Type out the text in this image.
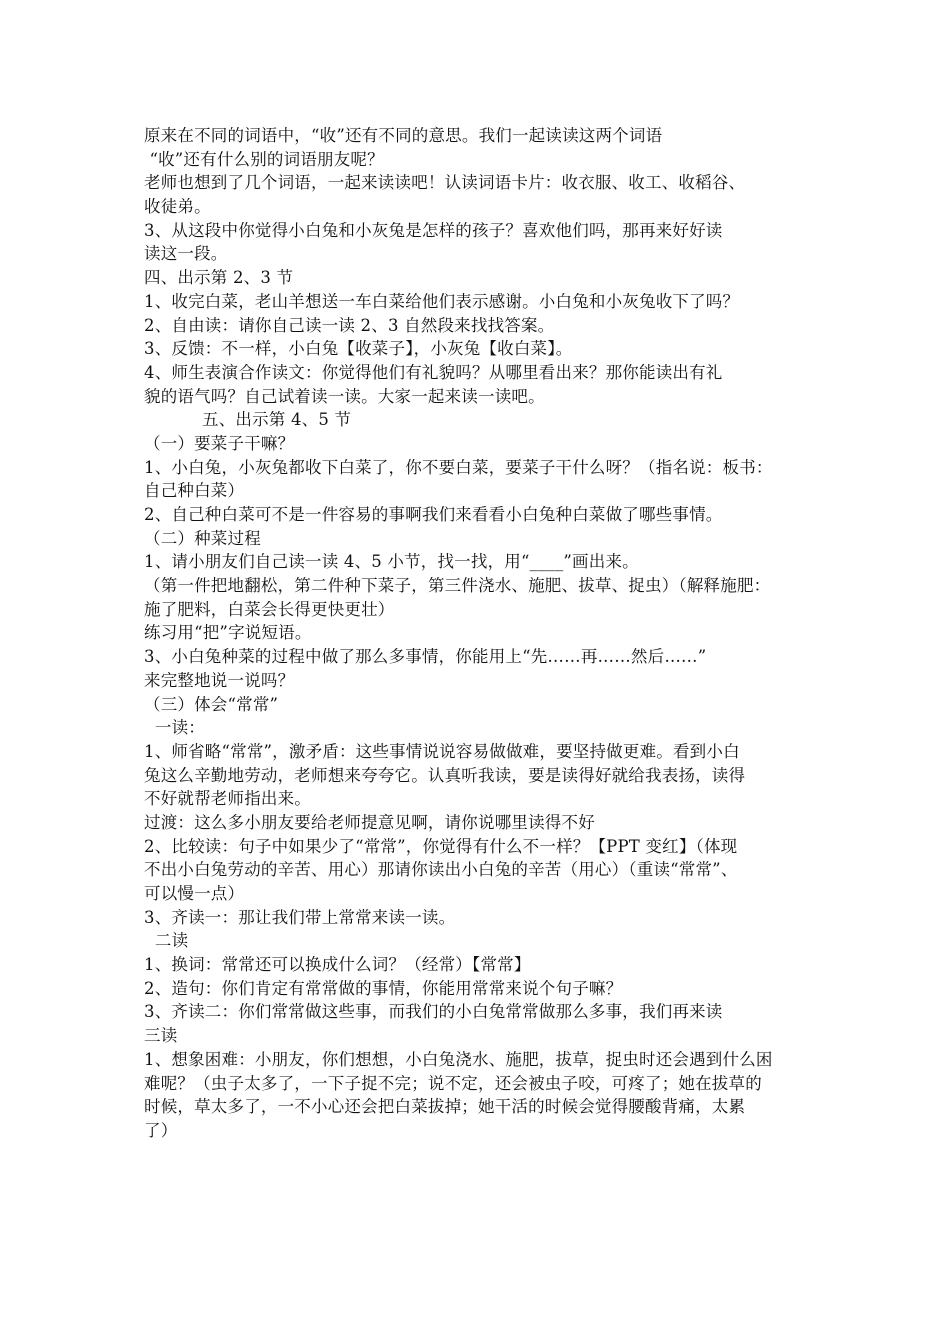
原来在不同的词语中，“收”还有不同的意思。我们一起读读这两个词语
“收”还有什么别的词语朋友呢？
老师也想到了几个词语，一起来读读吧！认读词语卡片：收衣服、收工、收稻谷、
收徒弟。
3、从这段中你觉得小白兔和小灰兔是怎样的孩子？喜欢他们吗，那再来好好读
读这一段。
四、出示第 2、3 节
1、收完白菜，老山羊想送一车白菜给他们表示感谢。小白兔和小灰兔收下了吗？
2、自由读：请你自己读一读 2、3 自然段来找找答案。
3、反馈：不一样，小白兔【收菜子】，小灰兔【收白菜】。
4、师生表演合作读文：你觉得他们有礼貌吗？从哪里看出来？那你能读出有礼
貌的语气吗？自己试着读一读。大家一起来读一读吧。
五、出示第 4、5 节
（一）要菜子干嘛？
1、小白兔，小灰兔都收下白菜了，你不要白菜，要菜子干什么呀？（指名说：板书：
自己种白菜）
2、自己种白菜可不是一件容易的事啊我们来看看小白兔种白菜做了哪些事情。
（二）种菜过程
1、请小朋友们自己读一读 4、5 小节，找一找，用“____”画出来。
（第一件把地翻松，第二件种下菜子，第三件浇水、施肥、拔草、捉虫）（解释施肥：
施了肥料，白菜会长得更快更壮）
练习用“把”字说短语。
3、小白兔种菜的过程中做了那么多事情，你能用上“先……再……然后……”
来完整地说一说吗？
（三）体会“常常”
一读：
1、师省略“常常”，激矛盾：这些事情说说容易做做难，要坚持做更难。看到小白
兔这么辛勤地劳动，老师想来夸夸它。认真听我读，要是读得好就给我表扬，读得
不好就帮老师指出来。
过渡：这么多小朋友要给老师提意见啊，请你说哪里读得不好
2、比较读：句子中如果少了“常常”，你觉得有什么不一样？【PPT 变红】（体现
不出小白兔劳动的辛苦、用心）那请你读出小白兔的辛苦（用心）（重读“常常”、
可以慢一点）
3、齐读一：那让我们带上常常来读一读。
二读
1、换词：常常还可以换成什么词？（经常）【常常】
2、造句：你们肯定有常常做的事情，你能用常常来说个句子嘛？
3、齐读二：你们常常做这些事，而我们的小白兔常常做那么多事，我们再来读
三读
1、想象困难：小朋友，你们想想，小白兔浇水、施肥，拔草，捉虫时还会遇到什么困
难呢？（虫子太多了，一下子捉不完；说不定，还会被虫子咬，可疼了；她在拔草的
时候，草太多了，一不小心还会把白菜拔掉；她干活的时候会觉得腰酸背痛，太累
了）
